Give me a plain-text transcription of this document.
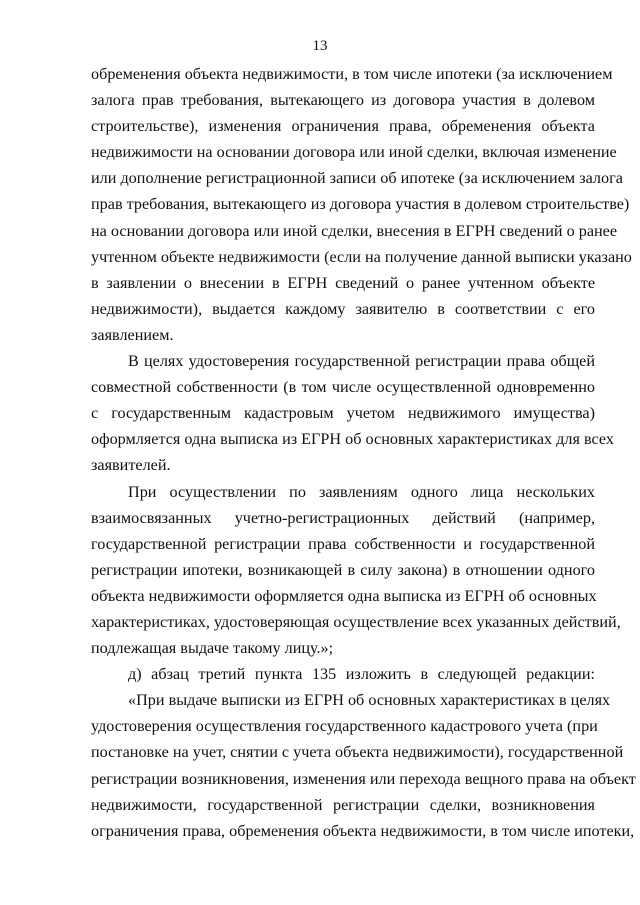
13
обременения объекта недвижимости, в том числе ипотеки (за исключением
залога прав требования, вытекающего из договора участия в долевом
строительстве), изменения ограничения права, обременения объекта
недвижимости на основании договора или иной сделки, включая изменение
или дополнение регистрационной записи об ипотеке (за исключением залога
прав требования, вытекающего из договора участия в долевом строительстве)
на основании договора или иной сделки, внесения в ЕГРН сведений о ранее
учтенном объекте недвижимости (если на получение данной выписки указано
в заявлении о внесении в ЕГРН сведений о ранее учтенном объекте
недвижимости), выдается каждому заявителю в соответствии с его
заявлением.
В целях удостоверения государственной регистрации права общей
совместной собственности (в том числе осуществленной одновременно
с государственным кадастровым учетом недвижимого имущества)
оформляется одна выписка из ЕГРН об основных характеристиках для всех
заявителей.
При осуществлении по заявлениям одного лица нескольких
взаимосвязанных учетно-регистрационных действий (например,
государственной регистрации права собственности и государственной
регистрации ипотеки, возникающей в силу закона) в отношении одного
объекта недвижимости оформляется одна выписка из ЕГРН об основных
характеристиках, удостоверяющая осуществление всех указанных действий,
подлежащая выдаче такому лицу.»;
д) абзац третий пункта 135 изложить в следующей редакции:
«При выдаче выписки из ЕГРН об основных характеристиках в целях
удостоверения осуществления государственного кадастрового учета (при
постановке на учет, снятии с учета объекта недвижимости), государственной
регистрации возникновения, изменения или перехода вещного права на объект
недвижимости, государственной регистрации сделки, возникновения
ограничения права, обременения объекта недвижимости, в том числе ипотеки,
